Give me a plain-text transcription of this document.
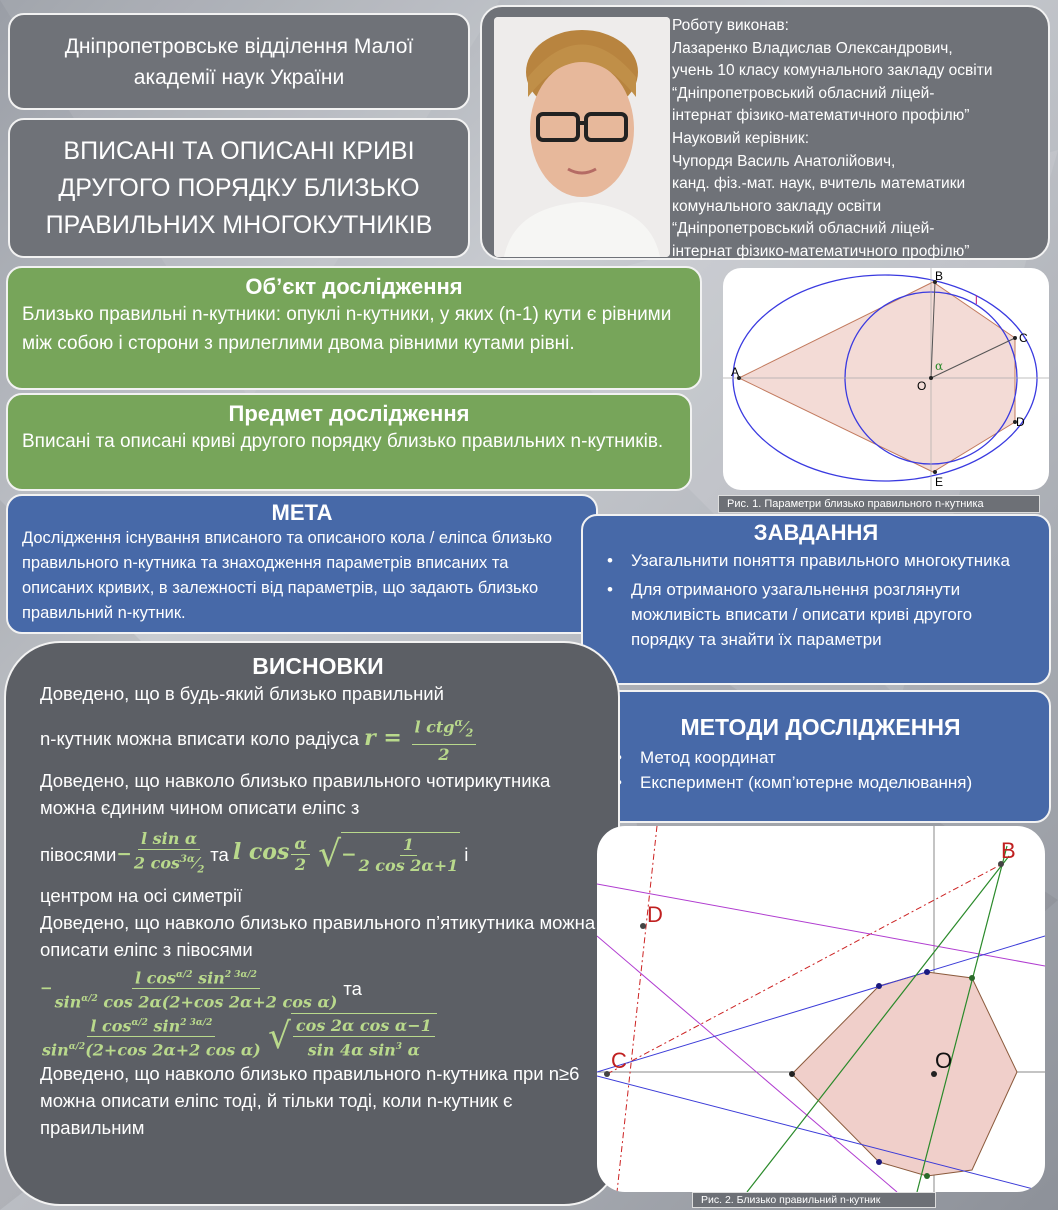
Дніпропетровське відділення Малої академії наук України
ВПИСАНІ ТА ОПИСАНІ КРИВІ ДРУГОГО ПОРЯДКУ БЛИЗЬКО ПРАВИЛЬНИХ МНОГОКУТНИКІВ
Роботу виконав:
Лазаренко Владислав Олександрович,
учень 10 класу комунального закладу освіти
“Дніпропетровський обласний ліцей-
інтернат фізико-математичного профілю”
Науковий керівник:
Чупордя Василь Анатолійович,
канд. фіз.-мат. наук, вчитель математики
комунального закладу освіти
“Дніпропетровський обласний ліцей-
інтернат фізико-математичного профілю”
Об’єкт дослідження

Близько правильні n-кутники: опуклі n-кутники, у яких (n-1) кути є рівними між собою і сторони з прилеглими двома рівними кутами рівні.

Предмет дослідження

Вписані та описані криві другого порядку близько правильних n-кутників.

A
B
C
D
E
O
α
l
Рис. 1. Параметри близько правильного n-кутника
МЕТА

Дослідження існування вписаного та описаного кола / еліпса близько правильного n-кутника та знаходження параметрів вписаних та описаних кривих, в залежності від параметрів, що задають близько правильний n-кутник.

ЗАВДАННЯ
• Узагальнити поняття правильного многокутника
• Для отриманого узагальнення розглянути можливість вписати / описати криві другого порядку та знайти їх параметри
МЕТОДИ ДОСЛІДЖЕННЯ
• Метод координат
• Експеримент (комп’ютерне моделювання)
ВИСНОВКИ
Доведено, що в будь-який близько правильний
n-кутник можна вписати коло радіуса $r = \frac{l ctg^\alpha⁄_2}{2}$
Доведено, що навколо близько правильного чотирикутника можна єдиним чином описати еліпс з
півосями − $\frac{\text{l sin α}}{2 \cos^{3\alpha}⁄_2}$ та l $\cos \frac{\alpha}{2}$
√ − $\frac{1}{2 \cos 2\alpha+1}$ і
центром на осі симетрії
Доведено, що навколо близько правильного п’ятикутника можна описати еліпс з півосями
− $\frac{l \cos^{\alpha/2} \sin^{2 3\alpha/2}}{\sin^{\alpha/2} \cos 2\alpha(2+\cos 2\alpha+2 \cos \alpha)}$ та
$\frac{l \cos^{\alpha/2} \sin^{2 3\alpha/2}}{\sin^{\alpha/2}(2+\cos 2\alpha+2 \cos \alpha)}$
√ $\frac{\text{cos 2α cos α−1}}{\sin 4\alpha \sin^3 \alpha}$
Доведено, що навколо близько правильного n-кутника при n≥6 можна описати еліпс тоді, й тільки тоді, коли n-кутник є правильним
B
D
C	O
Рис. 2. Близько правильний n-кутник
